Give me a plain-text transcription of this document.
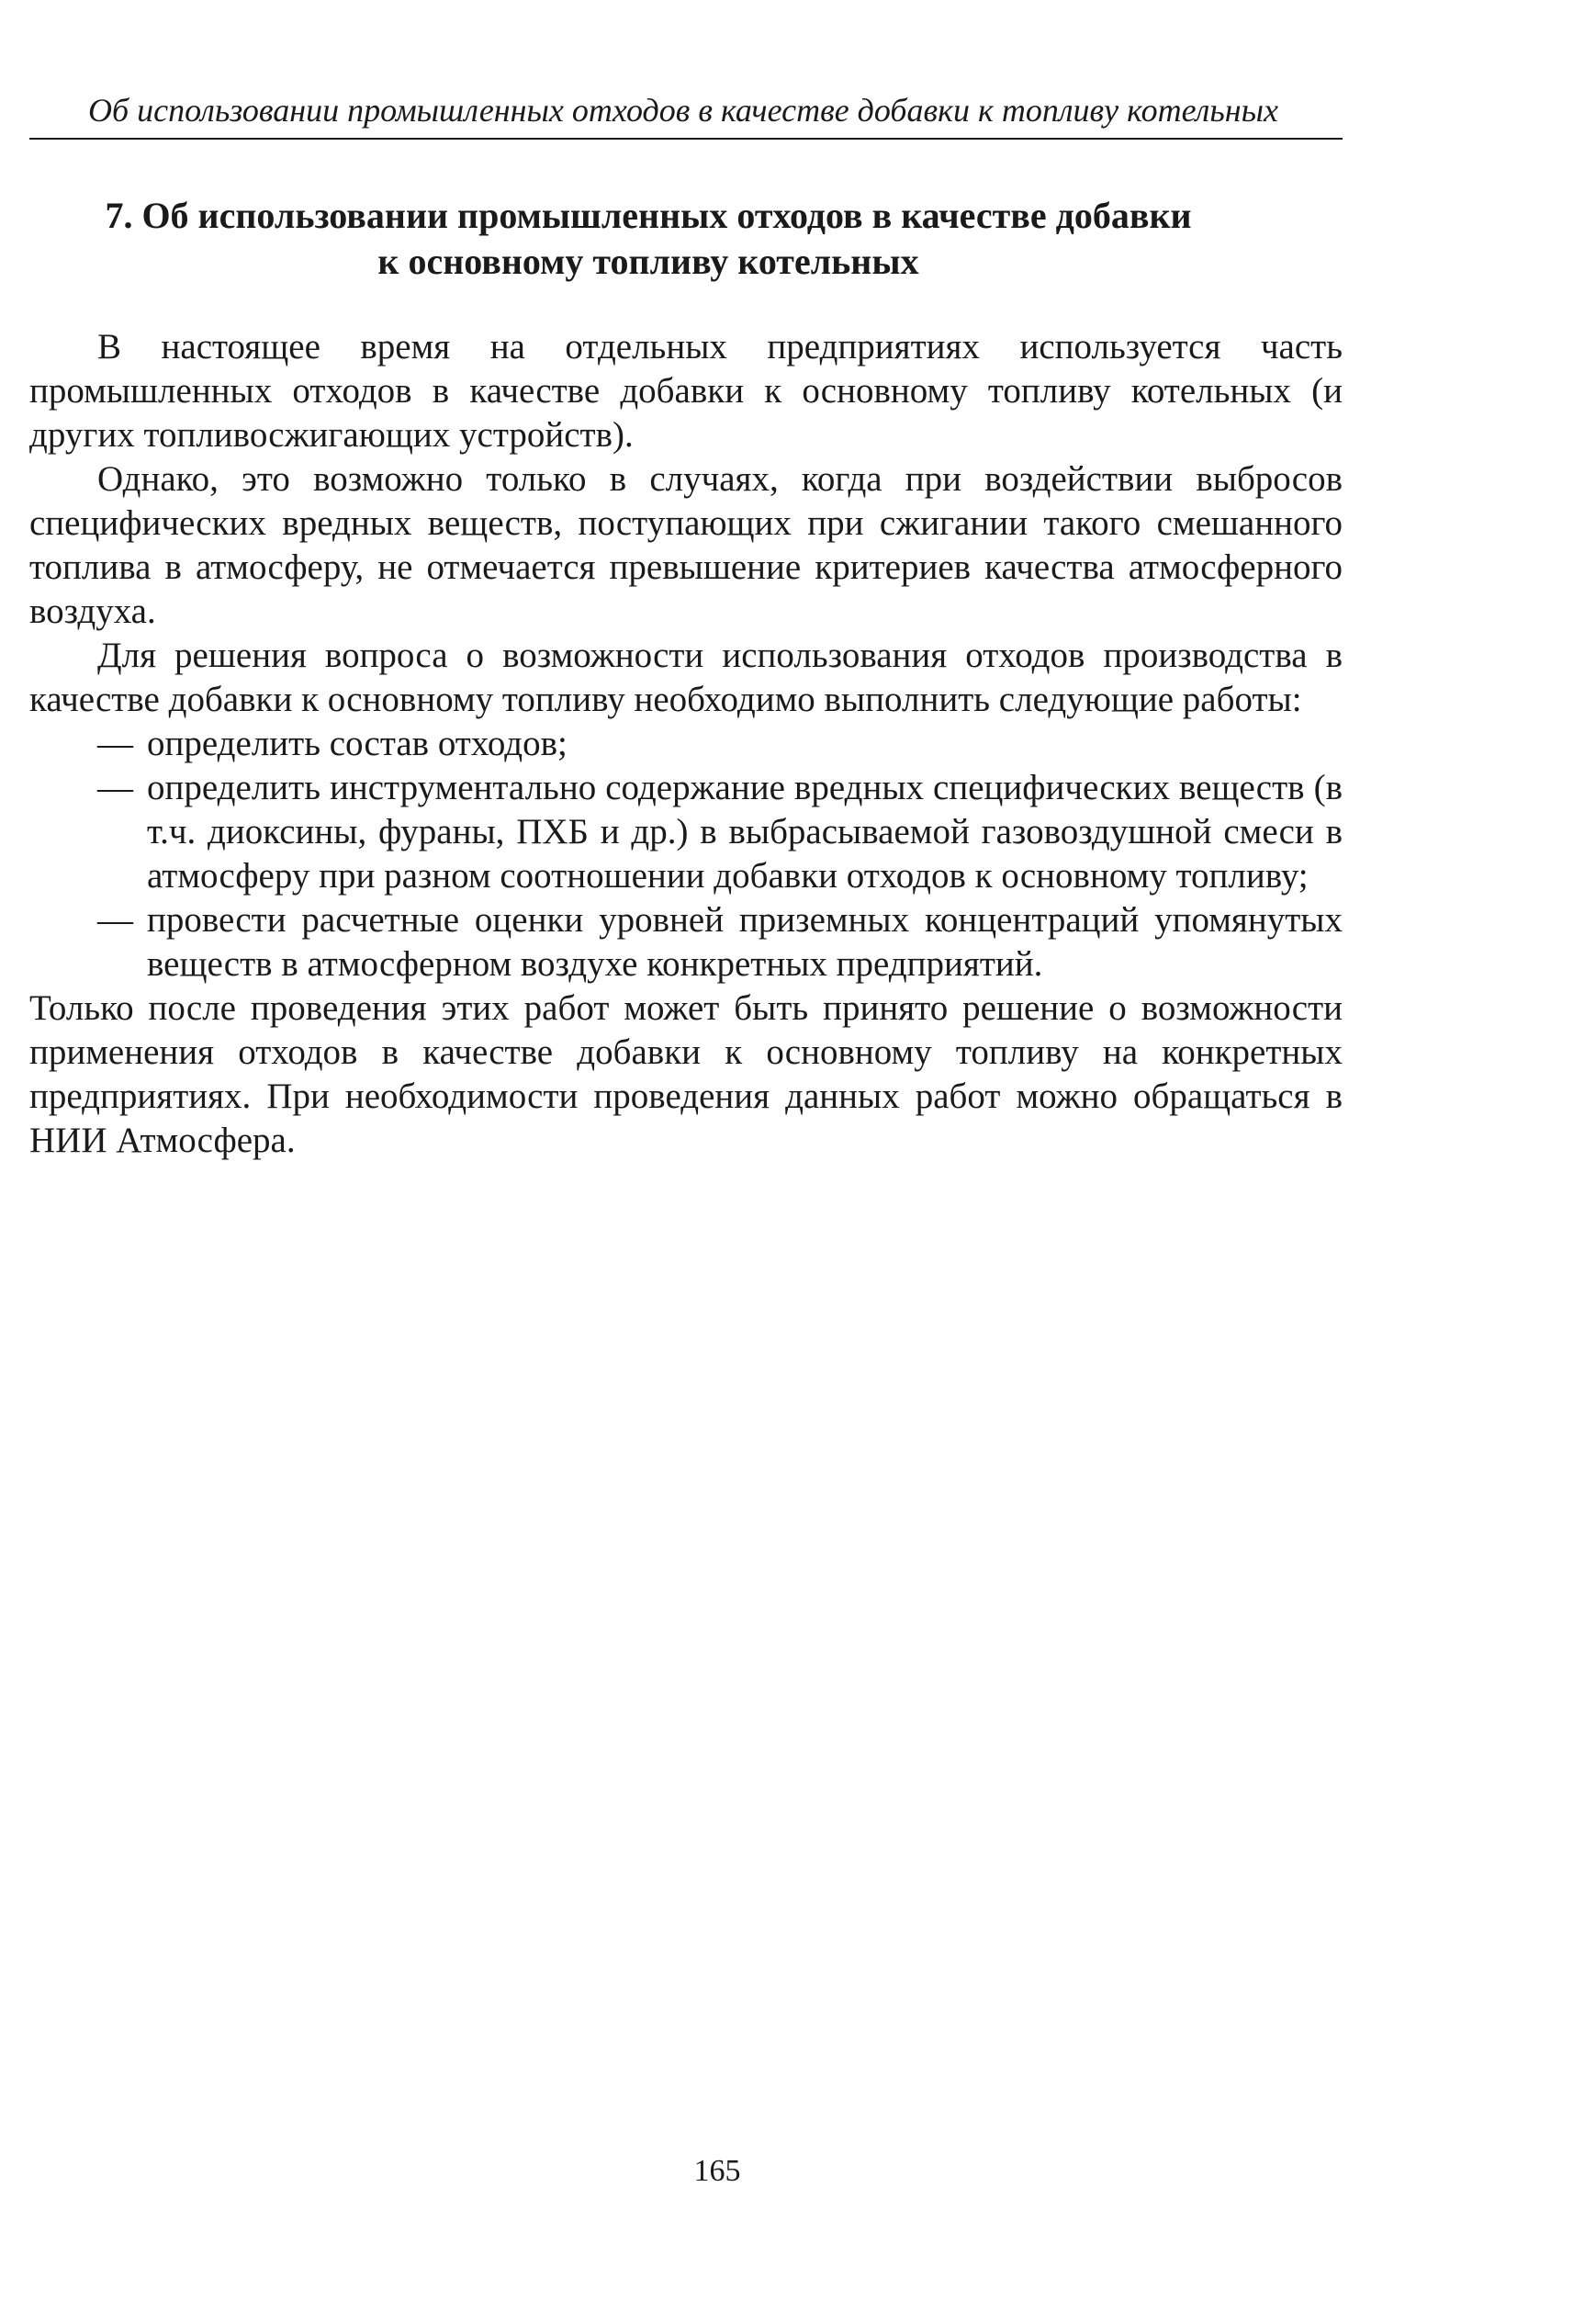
Об использовании промышленных отходов в качестве добавки к топливу котельных
7. Об использовании промышленных отходов в качестве добавки
к основному топливу котельных

В настоящее время на отдельных предприятиях используется часть промышленных отходов в качестве добавки к основному топливу котельных (и других топливосжигающих устройств).

Однако, это возможно только в случаях, когда при воздействии выбросов специфических вредных веществ, поступающих при сжигании такого смешанного топлива в атмосферу, не отмечается превышение критериев качества атмосферного воздуха.

Для решения вопроса о возможности использования отходов производства в качестве добавки к основному топливу необходимо выполнить следующие работы:

— определить состав отходов;
— определить инструментально содержание вредных специфических веществ (в т.ч. диоксины, фураны, ПХБ и др.) в выбрасываемой газовоздушной смеси в атмосферу при разном соотношении добавки отходов к основному топливу;
— провести расчетные оценки уровней приземных концентраций упомянутых веществ в атмосферном воздухе конкретных предприятий.

Только после проведения этих работ может быть принято решение о возможности применения отходов в качестве добавки к основному топливу на конкретных предприятиях. При необходимости проведения данных работ можно обращаться в НИИ Атмосфера.

165
